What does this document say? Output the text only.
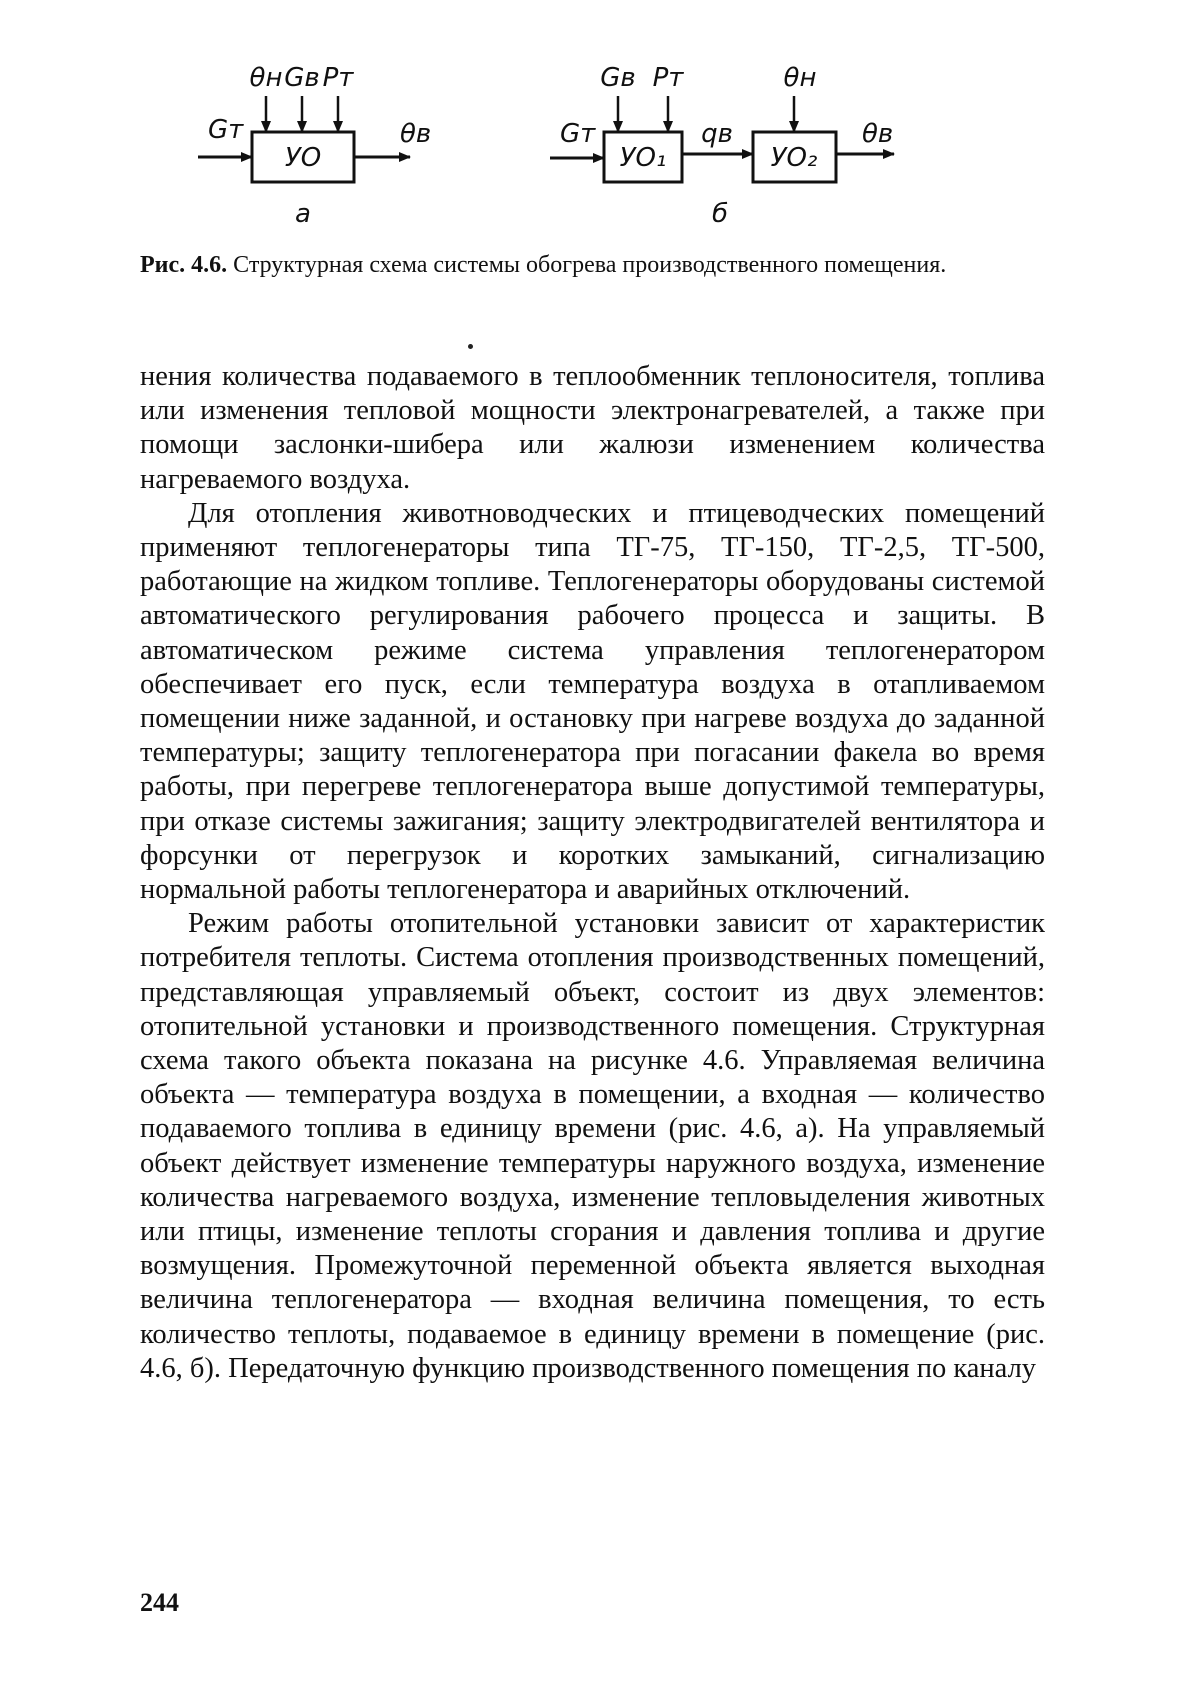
УО
Gт
θн Gв Pт
θв
а
Gт
УО₁
Gв Pт
qв
УО₂
θн
θв
б
Рис. 4.6. Структурная схема системы обогрева производственного помещения.

нения количества подаваемого в теплообменник теплоносителя, топлива или изменения тепловой мощности электронагревателей, а также при помощи заслонки-шибера или жалюзи изменением количества нагреваемого воздуха.

Для отопления животноводческих и птицеводческих помещений применяют теплогенераторы типа ТГ-75, ТГ-150, ТГ-2,5, ТГ-500, работающие на жидком топливе. Теплогенераторы оборудованы системой автоматического регулирования рабочего процесса и защиты. В автоматическом режиме система управления теплогенератором обеспечивает его пуск, если температура воздуха в отапливаемом помещении ниже заданной, и остановку при нагреве воздуха до заданной температуры; защиту теплогенератора при погасании факела во время работы, при перегреве теплогенератора выше допустимой температуры, при отказе системы зажигания; защиту электродвигателей вентилятора и форсунки от перегрузок и коротких замыканий, сигнализацию нормальной работы теплогенератора и аварийных отключений.

Режим работы отопительной установки зависит от характеристик потребителя теплоты. Система отопления производственных помещений, представляющая управляемый объект, состоит из двух элементов: отопительной установки и производственного помещения. Структурная схема такого объекта показана на рисунке 4.6. Управляемая величина объекта — температура воздуха в помещении, а входная — количество подаваемого топлива в единицу времени (рис. 4.6, а). На управляемый объект действует изменение температуры наружного воздуха, изменение количества нагреваемого воздуха, изменение тепловыделения животных или птицы, изменение теплоты сгорания и давления топлива и другие возмущения. Промежуточной переменной объекта является выходная величина теплогенератора — входная величина помещения, то есть количество теплоты, подаваемое в единицу времени в помещение (рис. 4.6, б). Передаточную функцию производственного помещения по каналу

244
